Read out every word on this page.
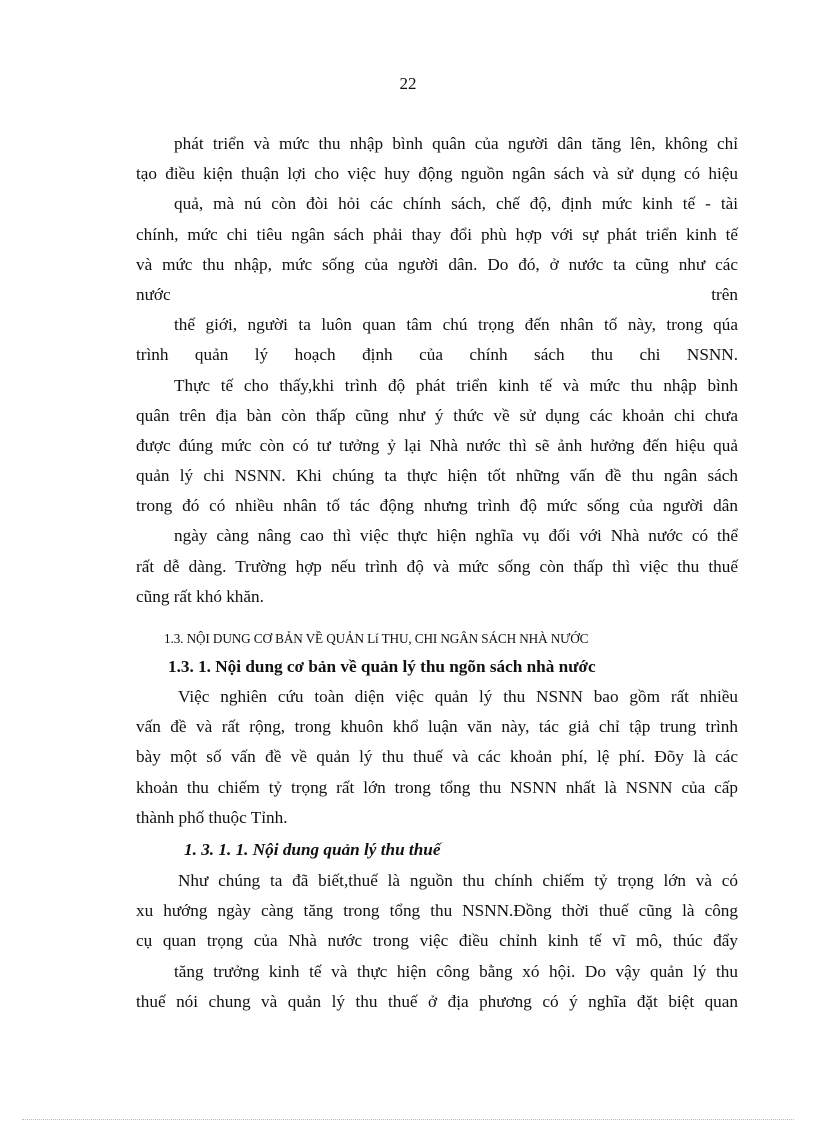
22
phát triển và mức thu nhập bình quân của người dân tăng lên, không chỉ
tạo điều kiện thuận lợi cho việc huy động nguồn ngân sách và sử dụng có hiệu
quả, mà nú còn đòi hỏi các chính sách, chế độ, định mức kinh tế - tài
chính, mức chi tiêu ngân sách phải thay đổi phù hợp với sự phát triển kinh tế
và mức thu nhập, mức sống của người dân. Do đó, ở nước ta cũng như các
nước	trên
thế giới, người ta luôn quan tâm chú trọng đến nhân tố này, trong qúa
trình quản lý hoạch định của chính sách thu chi NSNN.
Thực tế cho thấy,khi trình độ phát triển kinh tế và mức thu nhập bình
quân trên địa bàn còn thấp cũng như ý thức về sử dụng các khoản chi chưa
được đúng mức còn có tư tưởng ỷ lại Nhà nước thì sẽ ảnh hưởng đến hiệu quả
quản lý chi NSNN. Khi chúng ta thực hiện tốt những vấn đề thu ngân sách
trong đó có nhiều nhân tố tác động nhưng trình độ mức sống của người dân
ngày càng nâng cao thì việc thực hiện nghĩa vụ đối với Nhà nước có thể
rất dễ dàng. Trường hợp nếu trình độ và mức sống còn thấp thì việc thu thuế
cũng rất khó khăn.
1.3. NỘI DUNG CƠ BẢN VỀ QUẢN Lí THU, CHI NGÂN SÁCH NHÀ NƯỚC
1.3. 1. Nội dung cơ bản về quản lý thu ngõn sách nhà nước
Việc nghiên cứu toàn diện việc quản lý thu NSNN bao gồm rất nhiều
vấn đề và rất rộng, trong khuôn khổ luận văn này, tác giả chỉ tập trung trình
bày một số vấn đề về quản lý thu thuế và các khoản phí, lệ phí. Đõy là các
khoản thu chiếm tỷ trọng rất lớn trong tổng thu NSNN nhất là NSNN của cấp
thành phố thuộc Tỉnh.
1. 3. 1. 1. Nội dung quản lý thu thuế
Như chúng ta đã biết,thuế là nguồn thu chính chiếm tỷ trọng lớn và có
xu hướng ngày càng tăng trong tổng thu NSNN.Đồng thời thuế cũng là công
cụ quan trọng của Nhà nước trong việc điều chỉnh kinh tế vĩ mô, thúc đẩy
tăng trưởng kinh tế và thực hiện công bằng xó hội. Do vậy quản lý thu
thuế nói chung và quản lý thu thuế ở địa phương có ý nghĩa đặt biệt quan
